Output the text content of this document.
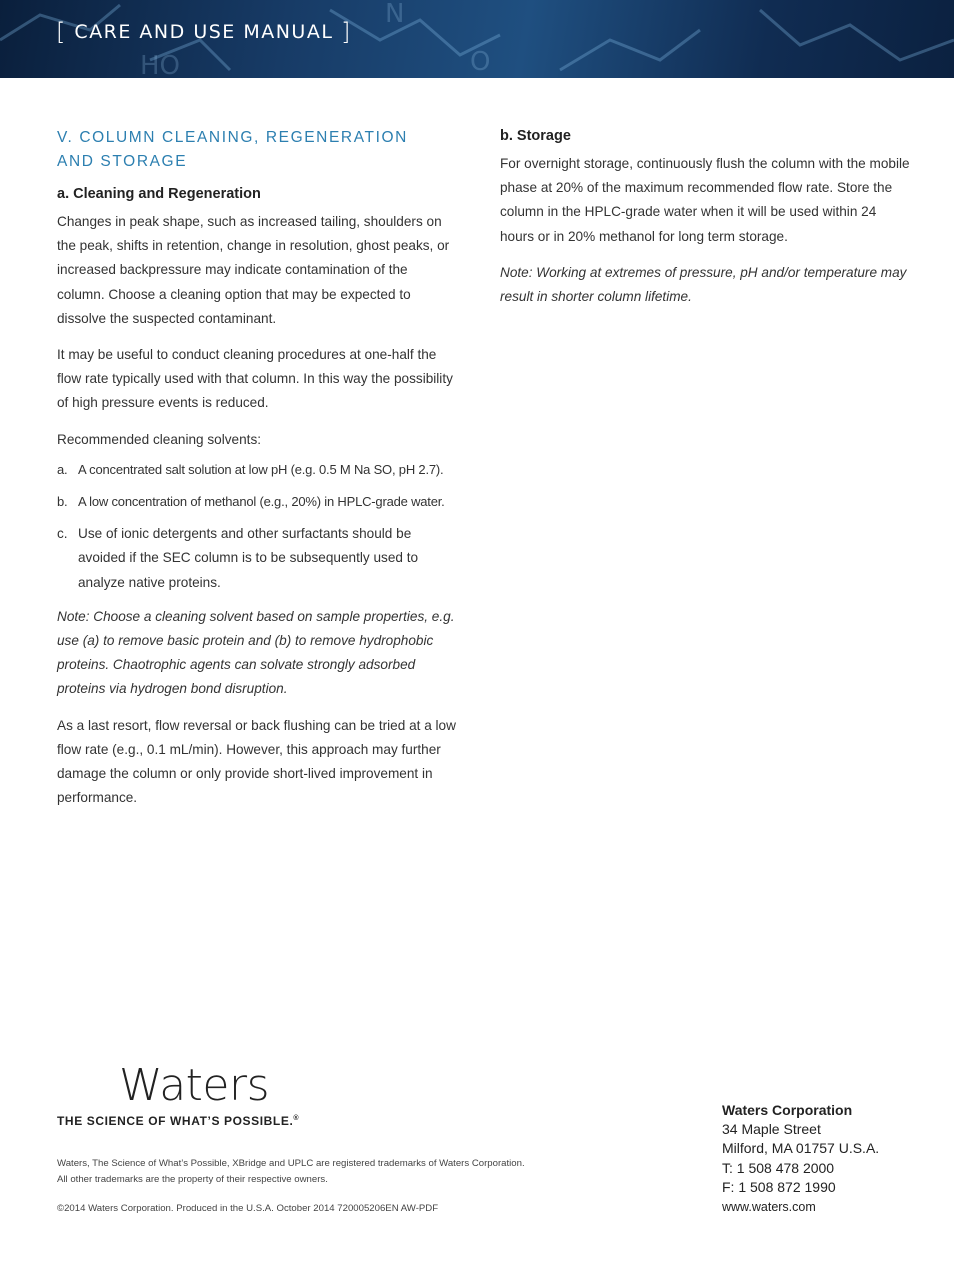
HO
N
O
[ CARE AND USE MANUAL ]
V. COLUMN CLEANING, REGENERATION
AND STORAGE
a. Cleaning and Regeneration

Changes in peak shape, such as increased tailing, shoulders on the peak, shifts in retention, change in resolution, ghost peaks, or increased backpressure may indicate contamination of the column. Choose a cleaning option that may be expected to dissolve the suspected contaminant.

It may be useful to conduct cleaning procedures at one-half the flow rate typically used with that column. In this way the possibility of high pressure events is reduced.

Recommended cleaning solvents:

a. A concentrated salt solution at low pH (e.g. 0.5 M Na SO, pH 2.7).
b. A low concentration of methanol (e.g., 20%) in HPLC-grade water.
c. Use of ionic detergents and other surfactants should be avoided if the SEC column is to be subsequently used to analyze native proteins.

Note: Choose a cleaning solvent based on sample properties, e.g. use (a) to remove basic protein and (b) to remove hydrophobic proteins. Chaotrophic agents can solvate strongly adsorbed proteins via hydrogen bond disruption.

As a last resort, flow reversal or back flushing can be tried at a low flow rate (e.g., 0.1 mL/min). However, this approach may further damage the column or only provide short-lived improvement in performance.

b. Storage

For overnight storage, continuously flush the column with the mobile phase at 20% of the maximum recommended flow rate. Store the column in the HPLC-grade water when it will be used within 24 hours or in 20% methanol for long term storage.

Note: Working at extremes of pressure, pH and/or temperature may result in shorter column lifetime.

Waters
THE SCIENCE OF WHAT’S POSSIBLE.®

Waters, The Science of What’s Possible, XBridge and UPLC are registered trademarks of Waters Corporation.

All other trademarks are the property of their respective owners.

©2014 Waters Corporation. Produced in the U.S.A. October 2014 720005206EN AW-PDF

Waters Corporation
34 Maple Street
Milford, MA 01757 U.S.A.
T: 1 508 478 2000
F: 1 508 872 1990
www.waters.com
